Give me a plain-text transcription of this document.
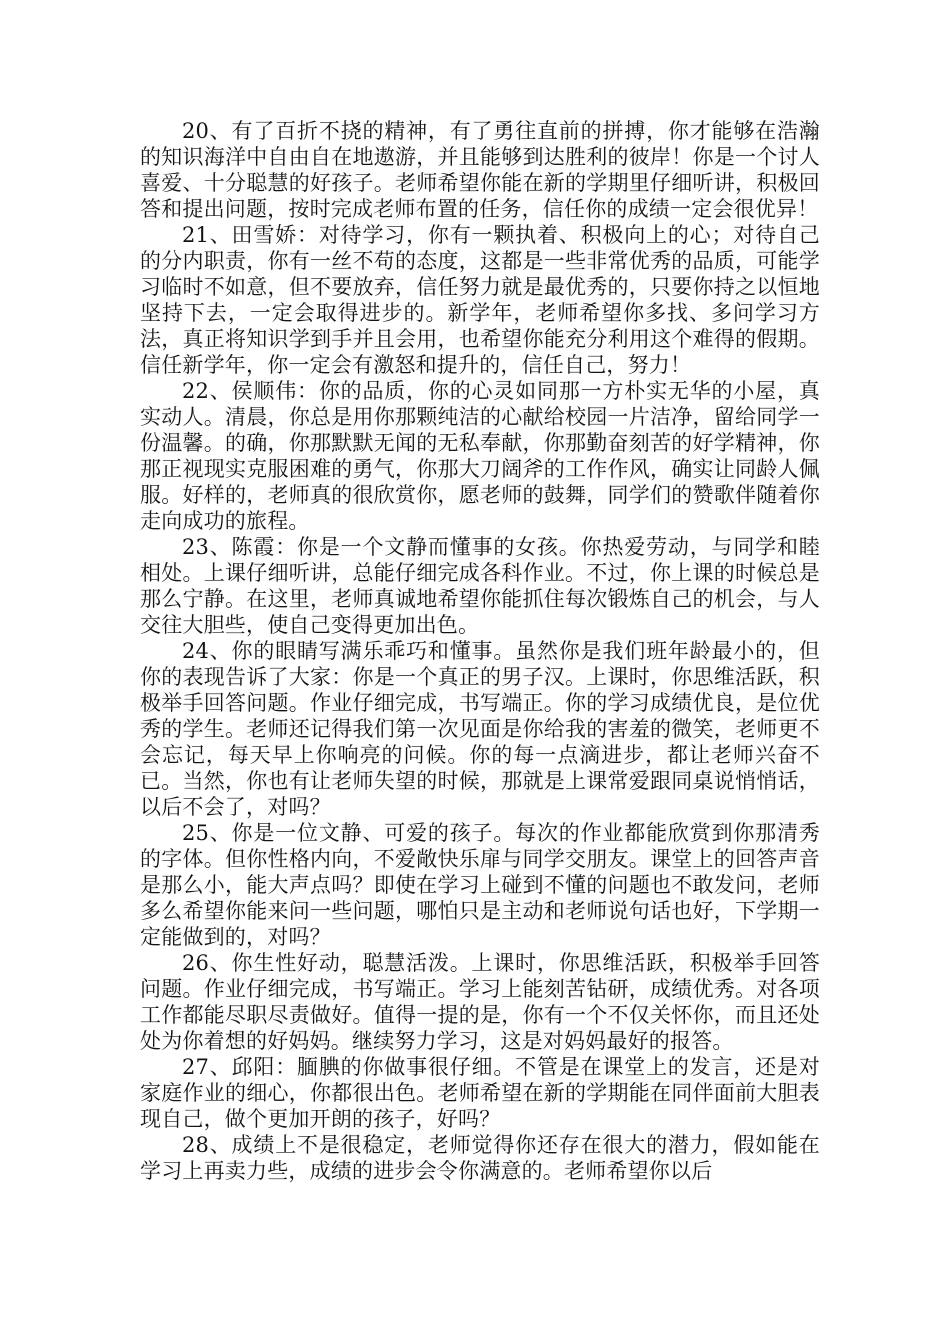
20、有了百折不挠的精神，有了勇往直前的拼搏，你才能够在浩瀚的知识海洋中自由自在地遨游，并且能够到达胜利的彼岸！你是一个讨人喜爱、十分聪慧的好孩子。老师希望你能在新的学期里仔细听讲，积极回答和提出问题，按时完成老师布置的任务，信任你的成绩一定会很优异！

21、田雪娇：对待学习，你有一颗执着、积极向上的心；对待自己的分内职责，你有一丝不苟的态度，这都是一些非常优秀的品质，可能学习临时不如意，但不要放弃，信任努力就是最优秀的，只要你持之以恒地坚持下去，一定会取得进步的。新学年，老师希望你多找、多问学习方法，真正将知识学到手并且会用，也希望你能充分利用这个难得的假期。信任新学年，你一定会有激怒和提升的，信任自己，努力！

22、侯顺伟：你的品质，你的心灵如同那一方朴实无华的小屋，真实动人。清晨，你总是用你那颗纯洁的心献给校园一片洁净，留给同学一份温馨。的确，你那默默无闻的无私奉献，你那勤奋刻苦的好学精神，你那正视现实克服困难的勇气，你那大刀阔斧的工作作风，确实让同龄人佩服。好样的，老师真的很欣赏你，愿老师的鼓舞，同学们的赞歌伴随着你走向成功的旅程。

23、陈霞：你是一个文静而懂事的女孩。你热爱劳动，与同学和睦相处。上课仔细听讲，总能仔细完成各科作业。不过，你上课的时候总是那么宁静。在这里，老师真诚地希望你能抓住每次锻炼自己的机会，与人交往大胆些，使自己变得更加出色。

24、你的眼睛写满乐乖巧和懂事。虽然你是我们班年龄最小的，但你的表现告诉了大家：你是一个真正的男子汉。上课时，你思维活跃，积极举手回答问题。作业仔细完成，书写端正。你的学习成绩优良，是位优秀的学生。老师还记得我们第一次见面是你给我的害羞的微笑，老师更不会忘记，每天早上你响亮的问候。你的每一点滴进步，都让老师兴奋不已。当然，你也有让老师失望的时候，那就是上课常爱跟同桌说悄悄话，以后不会了，对吗？

25、你是一位文静、可爱的孩子。每次的作业都能欣赏到你那清秀的字体。但你性格内向，不爱敞快乐扉与同学交朋友。课堂上的回答声音是那么小，能大声点吗？即使在学习上碰到不懂的问题也不敢发问，老师多么希望你能来问一些问题，哪怕只是主动和老师说句话也好，下学期一定能做到的，对吗？

26、你生性好动，聪慧活泼。上课时，你思维活跃，积极举手回答问题。作业仔细完成，书写端正。学习上能刻苦钻研，成绩优秀。对各项工作都能尽职尽责做好。值得一提的是，你有一个不仅关怀你，而且还处处为你着想的好妈妈。继续努力学习，这是对妈妈最好的报答。

27、邱阳：腼腆的你做事很仔细。不管是在课堂上的发言，还是对家庭作业的细心，你都很出色。老师希望在新的学期能在同伴面前大胆表现自己，做个更加开朗的孩子，好吗？

28、成绩上不是很稳定，老师觉得你还存在很大的潜力，假如能在学习上再卖力些，成绩的进步会令你满意的。老师希望你以后
